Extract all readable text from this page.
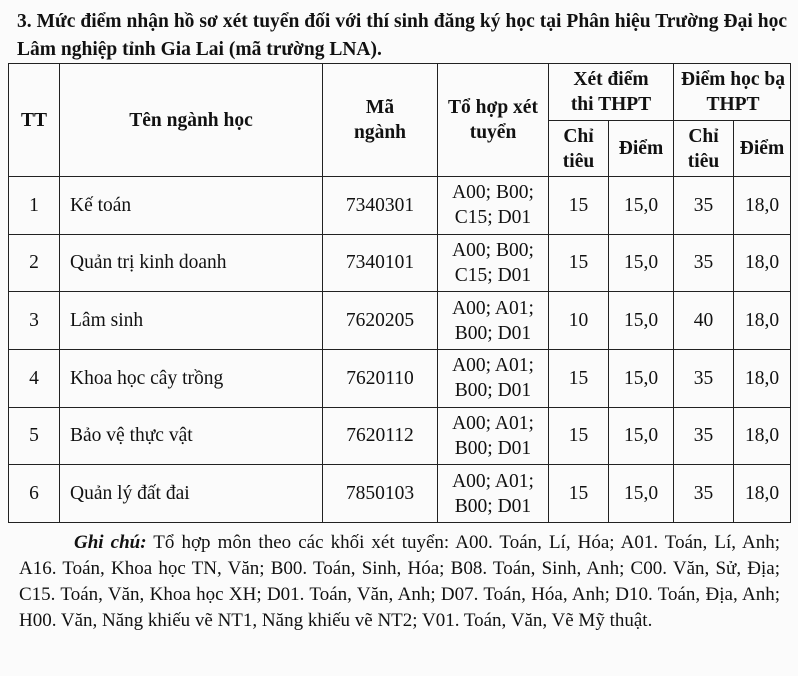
3. Mức điểm nhận hồ sơ xét tuyển đối với thí sinh đăng ký học tại Phân hiệu Trường Đại học Lâm nghiệp tỉnh Gia Lai (mã trường LNA).
TT	Tên ngành học	Mã ngành	Tổ hợp xét tuyển	Xét điểm thi THPT		Điểm học bạ THPT	

				Chỉ tiêu	Điểm	Chỉ tiêu	Điểm
1	Kế toán	7340301	A00; B00; C15; D01	15	15,0	35	18,0
2	Quản trị kinh doanh	7340101	A00; B00; C15; D01	15	15,0	35	18,0
3	Lâm sinh	7620205	A00; A01; B00; D01	10	15,0	40	18,0
4	Khoa học cây trồng	7620110	A00; A01; B00; D01	15	15,0	35	18,0
5	Bảo vệ thực vật	7620112	A00; A01; B00; D01	15	15,0	35	18,0
6	Quản lý đất đai	7850103	A00; A01; B00; D01	15	15,0	35	18,0
Ghi chú: Tổ hợp môn theo các khối xét tuyển: A00. Toán, Lí, Hóa; A01. Toán, Lí, Anh; A16. Toán, Khoa học TN, Văn; B00. Toán, Sinh, Hóa; B08. Toán, Sinh, Anh; C00. Văn, Sử, Địa; C15. Toán, Văn, Khoa học XH; D01. Toán, Văn, Anh; D07. Toán, Hóa, Anh; D10. Toán, Địa, Anh; H00. Văn, Năng khiếu vẽ NT1, Năng khiếu vẽ NT2; V01. Toán, Văn, Vẽ Mỹ thuật.
